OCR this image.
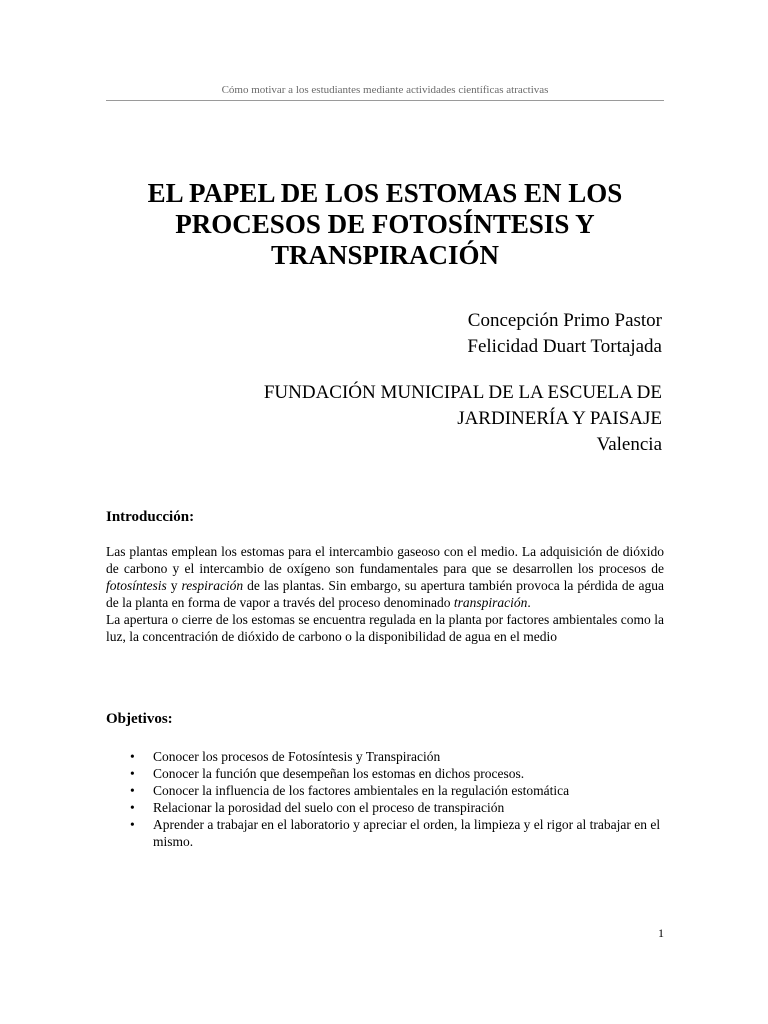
Cómo motivar a los estudiantes mediante actividades científicas atractivas
EL PAPEL DE LOS ESTOMAS EN LOS
PROCESOS DE FOTOSÍNTESIS Y
TRANSPIRACIÓN
Concepción Primo Pastor
Felicidad Duart Tortajada
FUNDACIÓN MUNICIPAL DE LA ESCUELA DE
JARDINERÍA Y PAISAJE
Valencia
Introducción:

Las plantas emplean los estomas para el intercambio gaseoso con el medio. La adquisición de dióxido de carbono y el intercambio de oxígeno son fundamentales para que se desarrollen los procesos de fotosíntesis y respiración de las plantas. Sin embargo, su apertura también provoca la pérdida de agua de la planta en forma de vapor a través del proceso denominado transpiración.

La apertura o cierre de los estomas se encuentra regulada en la planta por factores ambientales como la luz, la concentración de dióxido de carbono o la disponibilidad de agua en el medio

Objetivos:
• Conocer los procesos de Fotosíntesis y Transpiración
• Conocer la función que desempeñan los estomas en dichos procesos.
• Conocer la influencia de los factores ambientales en la regulación estomática
• Relacionar la porosidad del suelo con el proceso de transpiración
• Aprender a trabajar en el laboratorio y apreciar el orden, la limpieza y el rigor al trabajar en el mismo.
1
